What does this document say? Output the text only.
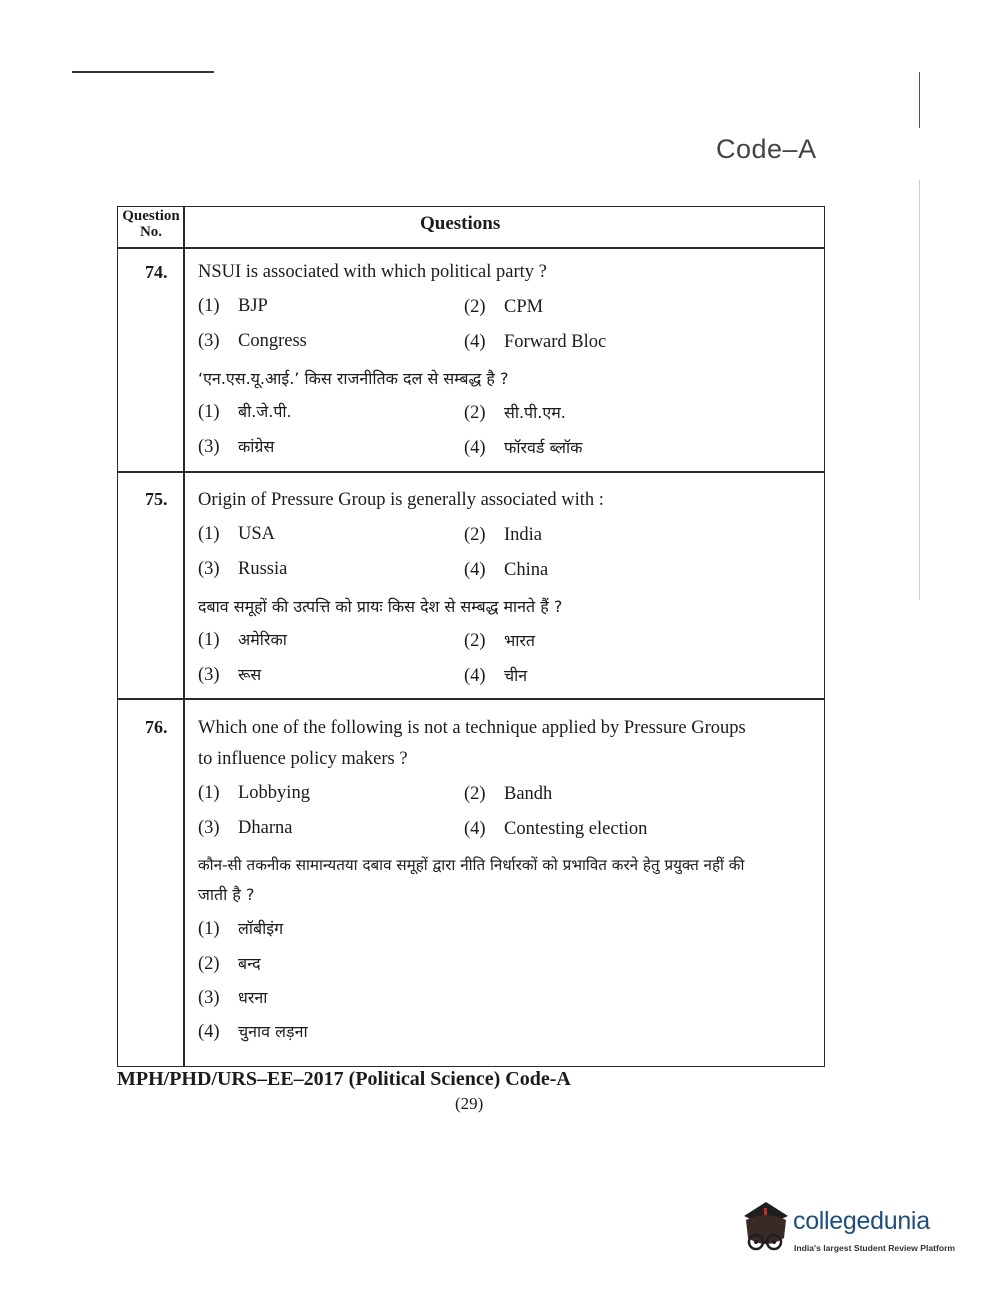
Code–A
Question No.	Questions
74. NSUI is associated with which political party ?
(1) BJP	(2) CPM
(3) Congress	(4) Forward Bloc
‘एन.एस.यू.आई.’ किस राजनीतिक दल से सम्बद्ध है ?
(1) बी.जे.पी.	(2) सी.पी.एम.
(3) कांग्रेस	(4) फॉरवर्ड ब्लॉक
75. Origin of Pressure Group is generally associated with :
(1) USA	(2) India
(3) Russia	(4) China
दबाव समूहों की उत्पत्ति को प्रायः किस देश से सम्बद्ध मानते हैं ?
(1) अमेरिका	(2) भारत
(3) रूस	(4) चीन
76. Which one of the following is not a technique applied by Pressure Groups
to influence policy makers ?
(1) Lobbying	(2) Bandh
(3) Dharna	(4) Contesting election
कौन-सी तकनीक सामान्यतया दबाव समूहों द्वारा नीति निर्धारकों को प्रभावित करने हेतु प्रयुक्त नहीं की
जाती है ?
(1) लॉबीइंग
(2) बन्द
(3) धरना
(4) चुनाव लड़ना
MPH/PHD/URS–EE–2017 (Political Science) Code-A
(29)
collegedunia
India's largest Student Review Platform
